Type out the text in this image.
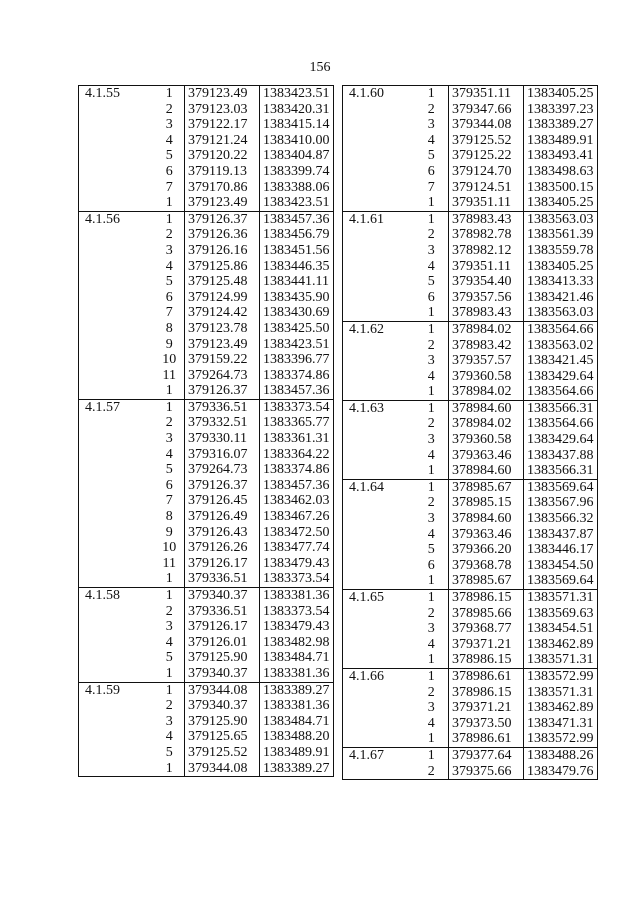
156
4.1.55	1	379123.49	1383423.51
	2	379123.03	1383420.31
	3	379122.17	1383415.14
	4	379121.24	1383410.00
	5	379120.22	1383404.87
	6	379119.13	1383399.74
	7	379170.86	1383388.06
	1	379123.49	1383423.51
4.1.56	1	379126.37	1383457.36
	2	379126.36	1383456.79
	3	379126.16	1383451.56
	4	379125.86	1383446.35
	5	379125.48	1383441.11
	6	379124.99	1383435.90
	7	379124.42	1383430.69
	8	379123.78	1383425.50
	9	379123.49	1383423.51
	10	379159.22	1383396.77
	11	379264.73	1383374.86
	1	379126.37	1383457.36
4.1.57	1	379336.51	1383373.54
	2	379332.51	1383365.77
	3	379330.11	1383361.31
	4	379316.07	1383364.22
	5	379264.73	1383374.86
	6	379126.37	1383457.36
	7	379126.45	1383462.03
	8	379126.49	1383467.26
	9	379126.43	1383472.50
	10	379126.26	1383477.74
	11	379126.17	1383479.43
	1	379336.51	1383373.54
4.1.58	1	379340.37	1383381.36
	2	379336.51	1383373.54
	3	379126.17	1383479.43
	4	379126.01	1383482.98
	5	379125.90	1383484.71
	1	379340.37	1383381.36
4.1.59	1	379344.08	1383389.27
	2	379340.37	1383381.36
	3	379125.90	1383484.71
	4	379125.65	1383488.20
	5	379125.52	1383489.91
	1	379344.08	1383389.27
4.1.60	1	379351.11	1383405.25
	2	379347.66	1383397.23
	3	379344.08	1383389.27
	4	379125.52	1383489.91
	5	379125.22	1383493.41
	6	379124.70	1383498.63
	7	379124.51	1383500.15
	1	379351.11	1383405.25
4.1.61	1	378983.43	1383563.03
	2	378982.78	1383561.39
	3	378982.12	1383559.78
	4	379351.11	1383405.25
	5	379354.40	1383413.33
	6	379357.56	1383421.46
	1	378983.43	1383563.03
4.1.62	1	378984.02	1383564.66
	2	378983.42	1383563.02
	3	379357.57	1383421.45
	4	379360.58	1383429.64
	1	378984.02	1383564.66
4.1.63	1	378984.60	1383566.31
	2	378984.02	1383564.66
	3	379360.58	1383429.64
	4	379363.46	1383437.88
	1	378984.60	1383566.31
4.1.64	1	378985.67	1383569.64
	2	378985.15	1383567.96
	3	378984.60	1383566.32
	4	379363.46	1383437.87
	5	379366.20	1383446.17
	6	379368.78	1383454.50
	1	378985.67	1383569.64
4.1.65	1	378986.15	1383571.31
	2	378985.66	1383569.63
	3	379368.77	1383454.51
	4	379371.21	1383462.89
	1	378986.15	1383571.31
4.1.66	1	378986.61	1383572.99
	2	378986.15	1383571.31
	3	379371.21	1383462.89
	4	379373.50	1383471.31
	1	378986.61	1383572.99
4.1.67	1	379377.64	1383488.26
	2	379375.66	1383479.76
